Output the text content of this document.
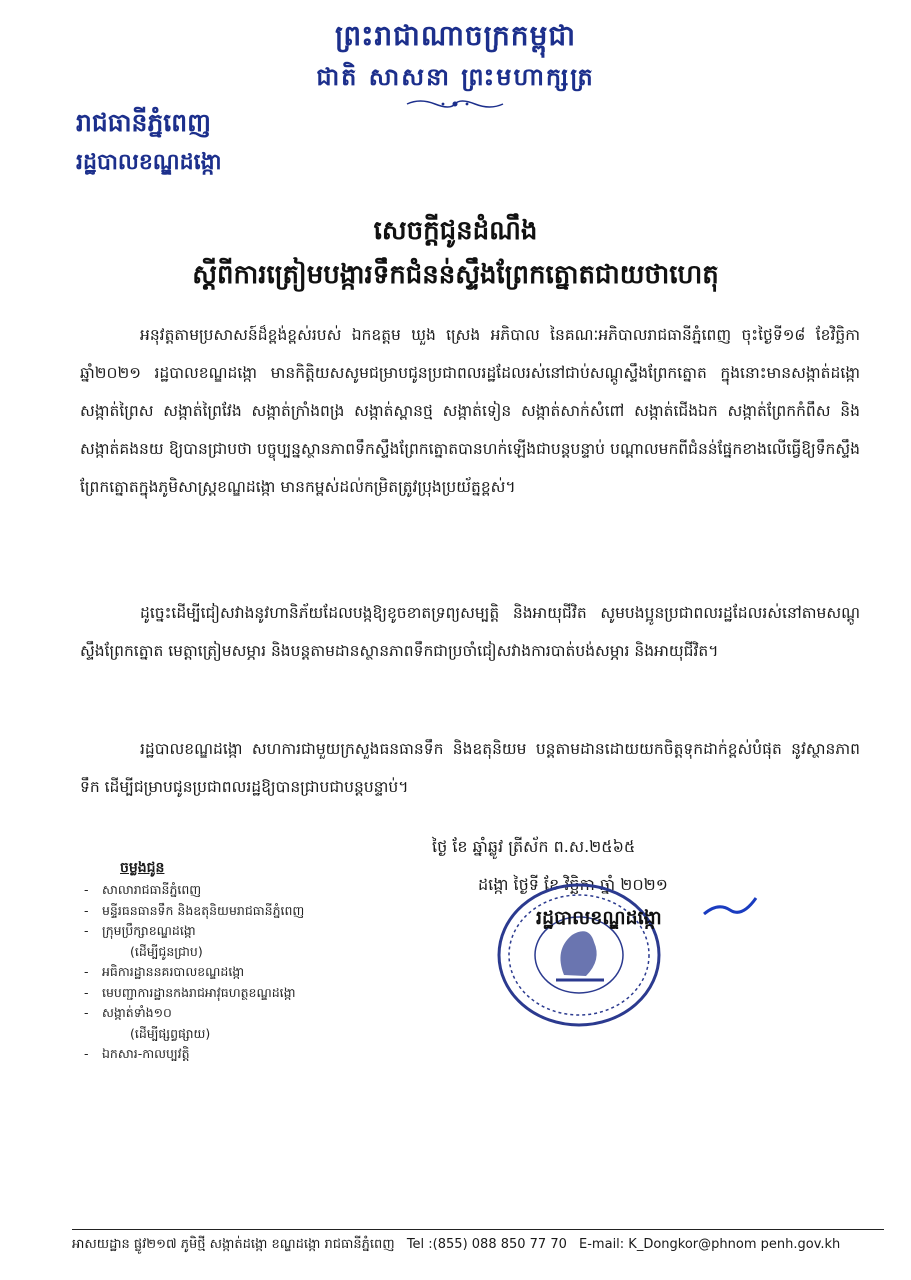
ព្រះរាជាណាចក្រកម្ពុជា
ជាតិ សាសនា ព្រះមហាក្សត្រ
រាជធានីភ្នំពេញ
រដ្ឋបាលខណ្ឌដង្កោ
សេចក្តីជូនដំណឹង
ស្តីពីការត្រៀមបង្ការទឹកជំនន់ស្ទឹងព្រែកត្នោតជាយថាហេតុ
អនុវត្តតាមប្រសាសន៍ដ៏ខ្ពង់ខ្ពស់របស់ ឯកឧត្តម ឃួង ស្រេង អភិបាល នៃគណៈអភិបាលរាជធានីភ្នំពេញ ចុះថ្ងៃទី១៨ ខែវិច្ឆិកា ឆ្នាំ២០២១ រដ្ឋបាលខណ្ឌដង្កោ មានកិត្តិយសសូមជម្រាបជូនប្រជាពលរដ្ឋដែលរស់នៅជាប់សណ្តូស្ទឹងព្រែកត្នោត ក្នុងនោះមានសង្កាត់ដង្កោ សង្កាត់ព្រៃស សង្កាត់ព្រៃវែង សង្កាត់ក្រាំងពង្រ សង្កាត់ស្ពានថ្ម សង្កាត់ទៀន សង្កាត់សាក់សំពៅ សង្កាត់ជើងឯក សង្កាត់ព្រែកកំពឹស និងសង្កាត់គងនយ ឱ្យបានជ្រាបថា បច្ចុប្បន្នស្ថានភាពទឹកស្ទឹងព្រែកត្នោតបានហក់ឡើងជាបន្តបន្ទាប់ បណ្តាលមកពីជំនន់ផ្នែកខាងលើធ្វើឱ្យទឹកស្ទឹងព្រែកត្នោតក្នុងភូមិសាស្ត្រខណ្ឌដង្កោ មានកម្ពស់ដល់កម្រិតត្រូវប្រុងប្រយ័ត្នខ្ពស់។
ដូច្នេះដើម្បីជៀសវាងនូវហានិភ័យដែលបង្កឱ្យខូចខាតទ្រព្យសម្បត្តិ និងអាយុជីវិត សូមបងប្អូនប្រជាពលរដ្ឋដែលរស់នៅតាមសណ្តូស្ទឹងព្រែកត្នោត មេត្តាត្រៀមសម្ភារ និងបន្តតាមដានស្ថានភាពទឹកជាប្រចាំជៀសវាងការបាត់បង់សម្ភារ និងអាយុជីវិត។
រដ្ឋបាលខណ្ឌដង្កោ សហការជាមួយក្រសួងធនធានទឹក និងឧតុនិយម បន្តតាមដានដោយយកចិត្តទុកដាក់ខ្ពស់បំផុត នូវស្ថានភាពទឹក ដើម្បីជម្រាបជូនប្រជាពលរដ្ឋឱ្យបានជ្រាបជាបន្តបន្ទាប់។
ថ្ងៃ ខែ ឆ្នាំឆ្លូវ ត្រីស័ក ព.ស.២៥៦៥
ដង្កោ ថ្ងៃទី ខែ វិច្ឆិកា ឆ្នាំ ២០២១
រដ្ឋបាលខណ្ឌដង្កោ
ចម្លងជូន
- សាលារាជធានីភ្នំពេញ
- មន្ទីរធនធានទឹក និងឧតុនិយមរាជធានីភ្នំពេញ
- ក្រុមប្រឹក្សាខណ្ឌដង្កោ
(ដើម្បីជូនជ្រាប)
- អធិការដ្ឋាននគរបាលខណ្ឌដង្កោ
- មេបញ្ជាការដ្ឋានកងរាជអាវុធហត្ថខណ្ឌដង្កោ
- សង្កាត់ទាំង១០
(ដើម្បីផ្សព្វផ្សាយ)
- ឯកសារ-កាលប្បវត្តិ
អាសយដ្ឋាន ផ្លូវ២១៧ ភូមិថ្មី សង្កាត់ដង្កោ ខណ្ឌដង្កោ រាជធានីភ្នំពេញ Tel :(855) 088 850 77 70 E-mail: K_Dongkor@phnom penh.gov.kh
